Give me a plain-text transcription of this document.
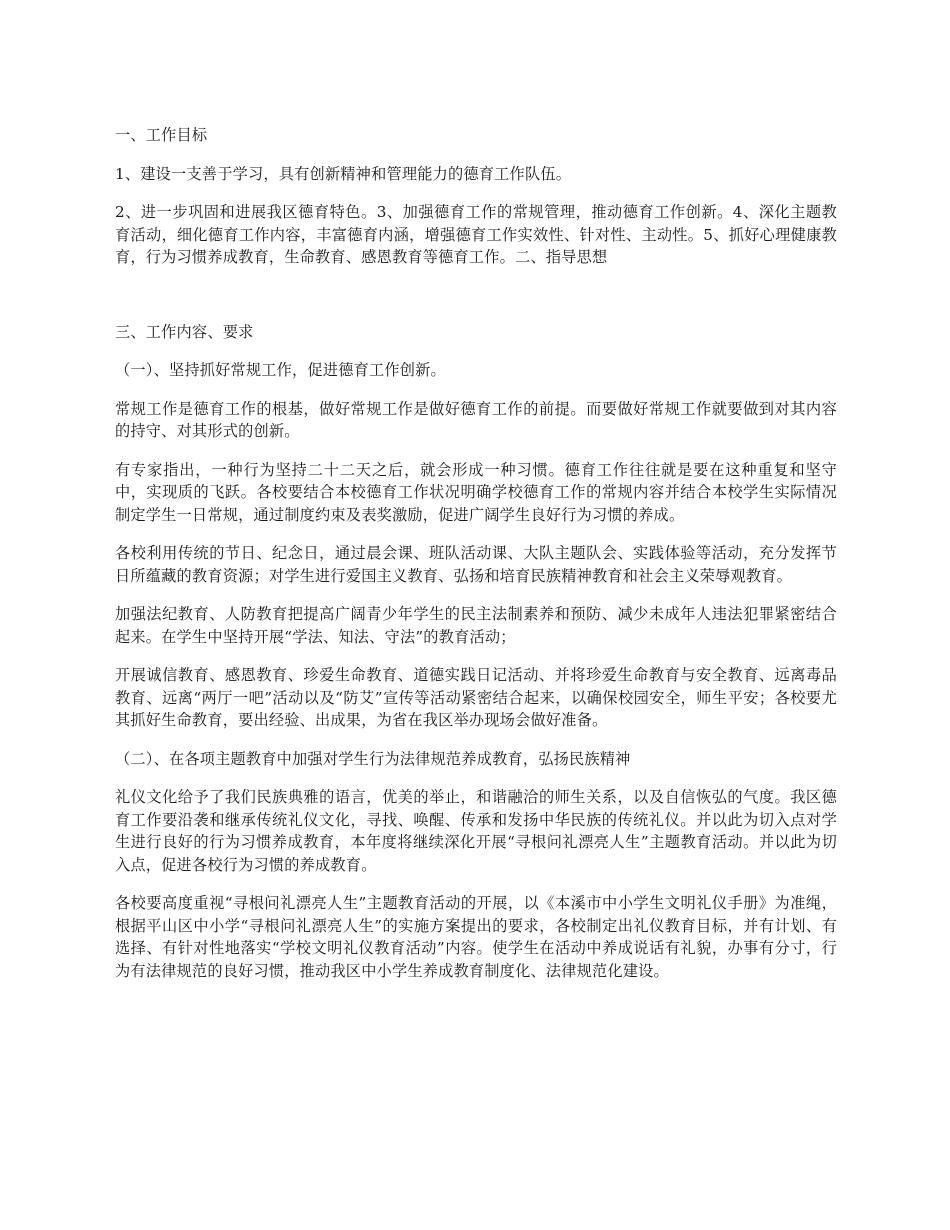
一、工作目标

1、建设一支善于学习，具有创新精神和管理能力的德育工作队伍。

2、进一步巩固和进展我区德育特色。3、加强德育工作的常规管理，推动德育工作创新。4、深化主题教育活动，细化德育工作内容，丰富德育内涵，增强德育工作实效性、针对性、主动性。5、抓好心理健康教育，行为习惯养成教育，生命教育、感恩教育等德育工作。二、指导思想

三、工作内容、要求

（一）、坚持抓好常规工作，促进德育工作创新。

常规工作是德育工作的根基，做好常规工作是做好德育工作的前提。而要做好常规工作就要做到对其内容的持守、对其形式的创新。

有专家指出，一种行为坚持二十二天之后，就会形成一种习惯。德育工作往往就是要在这种重复和坚守中，实现质的飞跃。各校要结合本校德育工作状况明确学校德育工作的常规内容并结合本校学生实际情况制定学生一日常规，通过制度约束及表奖激励，促进广阔学生良好行为习惯的养成。

各校利用传统的节日、纪念日，通过晨会课、班队活动课、大队主题队会、实践体验等活动，充分发挥节日所蕴藏的教育资源；对学生进行爱国主义教育、弘扬和培育民族精神教育和社会主义荣辱观教育。

加强法纪教育、人防教育把提高广阔青少年学生的民主法制素养和预防、减少未成年人违法犯罪紧密结合起来。在学生中坚持开展“学法、知法、守法”的教育活动；

开展诚信教育、感恩教育、珍爱生命教育、道德实践日记活动、并将珍爱生命教育与安全教育、远离毒品教育、远离“两厅一吧”活动以及“防艾”宣传等活动紧密结合起来，以确保校园安全，师生平安；各校要尤其抓好生命教育，要出经验、出成果，为省在我区举办现场会做好准备。

（二）、在各项主题教育中加强对学生行为法律规范养成教育，弘扬民族精神

礼仪文化给予了我们民族典雅的语言，优美的举止，和谐融洽的师生关系，以及自信恢弘的气度。我区德育工作要沿袭和继承传统礼仪文化，寻找、唤醒、传承和发扬中华民族的传统礼仪。并以此为切入点对学生进行良好的行为习惯养成教育，本年度将继续深化开展“寻根问礼漂亮人生”主题教育活动。并以此为切入点，促进各校行为习惯的养成教育。

各校要高度重视“寻根问礼漂亮人生”主题教育活动的开展，以《本溪市中小学生文明礼仪手册》为准绳，根据平山区中小学“寻根问礼漂亮人生”的实施方案提出的要求，各校制定出礼仪教育目标，并有计划、有选择、有针对性地落实“学校文明礼仪教育活动”内容。使学生在活动中养成说话有礼貌，办事有分寸，行为有法律规范的良好习惯，推动我区中小学生养成教育制度化、法律规范化建设。
